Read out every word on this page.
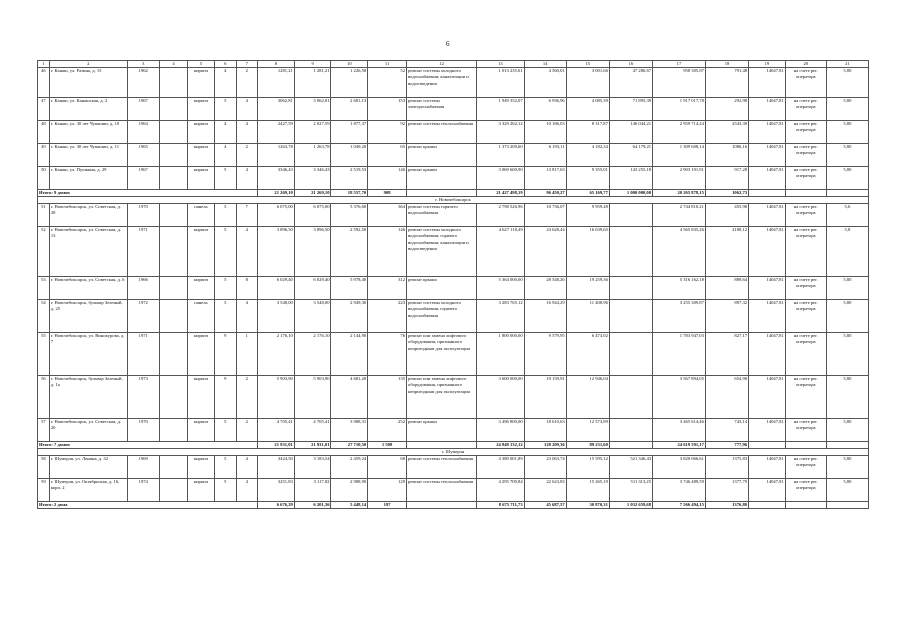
6
1	2	3	4	5	6	7	8	9	10	11	12	13	14	15	16	17	18	19	20	21
46	г. Канаш, ул. Разина, д. 15	1962		кирпич	4	2	1281,21	1 281,21	1 226,58	52	ремонт системы холодного водоснабжения; канализации и водоотведения	1 013 235,61	4 560,01	3 001,66	47 286,67	958 305,87	791,48	14047,81	на счете рег. оператора	5,80
47	г. Канаш, ул. Канашская, д. 2	1967		кирпич	5	4	3062,81	3 062,81	2 681,13	153	ремонт системы электроснабжения	1 949 352,07	6 936,96	4 085,39	71 895,39	1 917 017,78	292,98	14047,81	на счете рег. оператора	5,80
48	г. Канаш, ул. 30 лет Чувашии, д. 10	1964		кирпич	4	4	2427,59	2 027,59	1 877,37	92	ремонт системы теплоснабжения	3 329 262,12	10 186,03	8 317,87	146 044,21	2 959 714,24	2543,39	14047,81	на счете рег. оператора	5,80
49	г. Канаш, ул. 30 лет Чувашии, д. 11	1965		кирпич	4	2	1263,78	1 263,78	1 049,20	65	ремонт крыши	1 373 209,60	6 193,11	4 182,34	64 179,21	1 309 608,14	1086,16	14047,81	на счете рег. оператора	5,80
50	г. Канаш, ул. Пушкина, д. 29	1967		кирпич	5	4	3346,43	3 346,43	2 519,53	146	ремонт крыши	3 069 600,90	13 817,63	9 355,01	143 255,18	2 903 191,91	917,28	14047,81	на счете рег. оператора	5,80
Итого: 9 домов							21 269,10	21 269,10	18 557,70	908		21 427 498,19	96 450,27	65 169,77	1 000 000,00	20 265 878,15	1062,73			
г. Новочебоксарск																				
51	г. Новочебоксарск, ул. Советская, д. 28	1970		панель	5	7	6 075,00	6 075,00	5 376,60	364	ремонт системы горячего водоснабжения	2 798 526,96	10 736,07	9 959,48		2 744 810,21	455,98	14047,81	на счете рег. оператора	5,6
52	г. Новочебоксарск, ул. Советская, д. 13	1971		кирпич	5	4	3 896,50	3 896,50	2 592,50	146	ремонт системы холодного водоснабжения; горячего водоснабжения; канализации и водоотведения	4 627 118,49	24 628,44	16 639,65		4 565 835,26	2188,12	14047,81	на счете рег. оператора	5,8
53	г. Новочебоксарск, ул. Советская, д. 6	1966		кирпич	5	8	6 029,40	6 029,40	5 978,40	312	ремонт крыши	5 364 000,00	28 548,26	19 259,36		5 316 162,18	889,64	14047,81	на счете рег. оператора	5,80
54	г. Новочебоксарск, бульвар Зеленый, д. 25	1972		панель	5	4	3 548,00	3 548,00	2 949,30	223	ремонт системы холодного водоснабжения, горячего водоснабжения	3 283 765,12	16 944,29	11 408,96		3 255 309,87	897,32	14047,81	на счете рег. оператора	5,80
55	г. Новочебоксарск, ул. Винокурова, д. 7	1971		кирпич	9	1	2 176,10	2 176,10	2 144,90	76	ремонт или замена лифтового оборудования, признанного непригодным для эксплуатации	1 800 000,00	9 579,95	6 473,02		1 783 947,03	827,17	14047,81	на счете рег. оператора	5,80
56	г. Новочебоксарск, бульвар Зеленый, д. 1а	1973		кирпич	9	2	5 903,90	5 903,90	4 681,20	135	ремонт или замена лифтового оборудования, признанного непригодным для эксплуатации	3 600 000,00	19 159,91	12 946,04		3 567 894,05	654,98	14047,81	на счете рег. оператора	5,80
57	г. Новочебоксарск, ул. Советская, д. 20	1970		кирпич	5	2	4 705,41	4 705,41	3 988,31	252	ремонт крыши	3 496 800,00	18 610,63	12 573,89		3 465 614,46	743,14	14047,81	на счете рег. оператора	5,80
Итого: 7 домов							21 931,01	21 931,01	27 710,50	1 508		24 848 132,12	128 209,36	89 231,60		24 619 591,17	777,96			
г. Шумерля																				
58	г. Шумерля, ул. Ленина, д. 32	1969		кирпич	5	4	3424,50	3 183,54	2 459,24	68	ремонт системы теплоснабжения	4 380 001,89	23 063,74	15 595,12	521 346,43	3 820 066,61	1375,83	14047,81	на счете рег. оператора	5,80
59	г. Шумерля, ул. Октябрьская, д. 16, корп. 2	1974		кирпич	5	4	3251,83	3 117,82	2 988,90	129	ремонт системы теплоснабжения	4 295 709,84	22 623,83	15 265,19	511 313,25	3 746 489,59	1377,79	14047,81	на счете рег. оператора	5,80
Итого: 2 дома							6 676,29	6 201,36	5 448,14	197		8 675 711,73	45 687,57	30 870,31	1 032 659,68	7 566 494,15	1376,80			
